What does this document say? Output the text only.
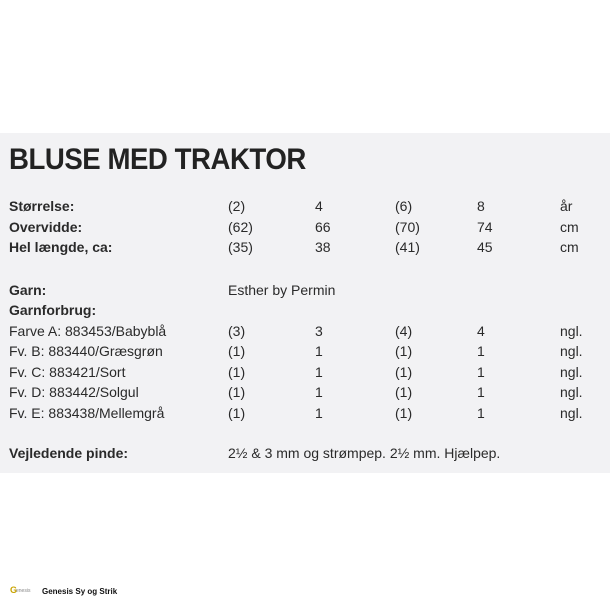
BLUSE MED TRAKTOR
Størrelse:	(2)	4	(6)	8	år
Overvidde:	(62)	66	(70)	74	cm
Hel længde, ca:	(35)	38	(41)	45	cm
Garn:	Esther by Permin
Garnforbrug:
Farve A: 883453/Babyblå	(3)	3	(4)	4	ngl.
Fv. B: 883440/Græsgrøn	(1)	1	(1)	1	ngl.
Fv. C: 883421/Sort	(1)	1	(1)	1	ngl.
Fv. D: 883442/Solgul	(1)	1	(1)	1	ngl.
Fv. E: 883438/Mellemgrå	(1)	1	(1)	1	ngl.
Vejledende pinde:	2½ & 3 mm og strømpep. 2½ mm. Hjælpep.
G
enesis Genesis Sy og Strik
